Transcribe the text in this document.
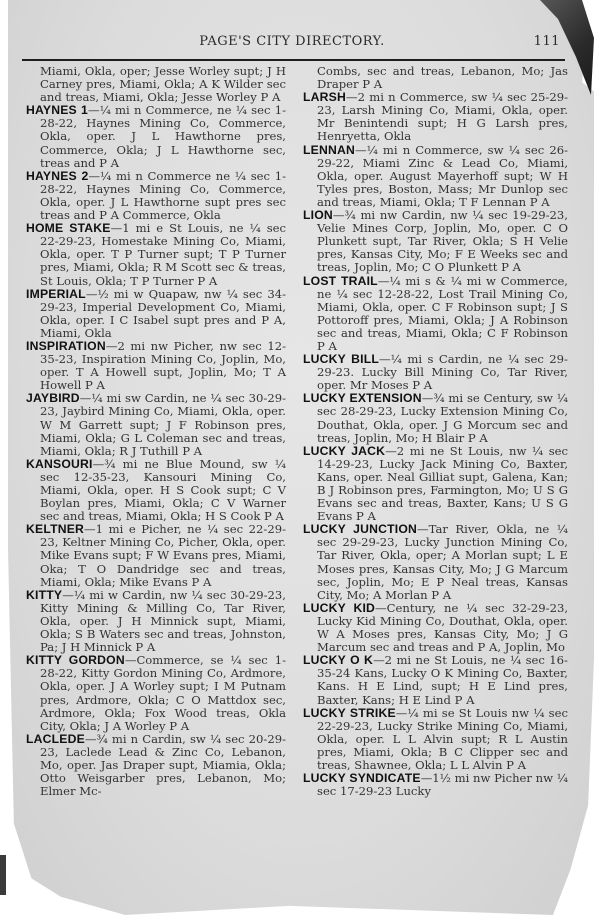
PAGE'S CITY DIRECTORY.	111

Miami, Okla, oper; Jesse Worley supt; J H Carney pres, Miami, Okla; A K Wilder sec and treas, Miami, Okla; Jesse Worley P A

HAYNES 1—¼ mi n Commerce, ne ¼ sec 1-28-22, Haynes Mining Co, Commerce, Okla, oper. J L Hawthorne pres, Commerce, Okla; J L Hawthorne sec, treas and P A

HAYNES 2—¼ mi n Commerce ne ¼ sec 1-28-22, Haynes Mining Co, Commerce, Okla, oper. J L Hawthorne supt pres sec treas and P A Commerce, Okla

HOME STAKE—1 mi e St Louis, ne ¼ sec 22-29-23, Homestake Mining Co, Miami, Okla, oper. T P Turner supt; T P Turner pres, Miami, Okla; R M Scott sec & treas, St Louis, Okla; T P Turner P A

IMPERIAL—½ mi w Quapaw, nw ¼ sec 34-29-23, Imperial Development Co, Miami, Okla, oper. I C Isabel supt pres and P A, Miami, Okla

INSPIRATION—2 mi nw Picher, nw sec 12-35-23, Inspiration Mining Co, Joplin, Mo, oper. T A Howell supt, Joplin, Mo; T A Howell P A

JAYBIRD—¼ mi sw Cardin, ne ¼ sec 30-29-23, Jaybird Mining Co, Miami, Okla, oper. W M Garrett supt; J F Robinson pres, Miami, Okla; G L Coleman sec and treas, Miami, Okla; R J Tuthill P A

KANSOURI—¾ mi ne Blue Mound, sw ¼ sec 12-35-23, Kansouri Mining Co, Miami, Okla, oper. H S Cook supt; C V Boylan pres, Miami, Okla; C V Warner sec and treas, Miami, Okla; H S Cook P A

KELTNER—1 mi e Picher, ne ¼ sec 22-29-23, Keltner Mining Co, Picher, Okla, oper. Mike Evans supt; F W Evans pres, Miami, Oka; T O Dandridge sec and treas, Miami, Okla; Mike Evans P A

KITTY—¼ mi w Cardin, nw ¼ sec 30-29-23, Kitty Mining & Milling Co, Tar River, Okla, oper. J H Minnick supt, Miami, Okla; S B Waters sec and treas, Johnston, Pa; J H Minnick P A

KITTY GORDON—Commerce, se ¼ sec 1-28-22, Kitty Gordon Mining Co, Ardmore, Okla, oper. J A Worley supt; I M Putnam pres, Ardmore, Okla; C O Mattdox sec, Ardmore, Okla; Fox Wood treas, Okla City, Okla; J A Worley P A

LACLEDE—¾ mi n Cardin, sw ¼ sec 20-29-23, Laclede Lead & Zinc Co, Lebanon, Mo, oper. Jas Draper supt, Miamia, Okla; Otto Weisgarber pres, Lebanon, Mo; Elmer Mc-

Combs, sec and treas, Lebanon, Mo; Jas Draper P A

LARSH—2 mi n Commerce, sw ¼ sec 25-29-23, Larsh Mining Co, Miami, Okla, oper. Mr Benintendi supt; H G Larsh pres, Henryetta, Okla

LENNAN—¼ mi n Commerce, sw ¼ sec 26-29-22, Miami Zinc & Lead Co, Miami, Okla, oper. August Mayerhoff supt; W H Tyles pres, Boston, Mass; Mr Dunlop sec and treas, Miami, Okla; T F Lennan P A

LION—¾ mi nw Cardin, nw ¼ sec 19-29-23, Velie Mines Corp, Joplin, Mo, oper. C O Plunkett supt, Tar River, Okla; S H Velie pres, Kansas City, Mo; F E Weeks sec and treas, Joplin, Mo; C O Plunkett P A

LOST TRAIL—¼ mi s & ¼ mi w Commerce, ne ¼ sec 12-28-22, Lost Trail Mining Co, Miami, Okla, oper. C F Robinson supt; J S Pottoroff pres, Miami, Okla; J A Robinson sec and treas, Miami, Okla; C F Robinson P A

LUCKY BILL—¼ mi s Cardin, ne ¼ sec 29-29-23. Lucky Bill Mining Co, Tar River, oper. Mr Moses P A

LUCKY EXTENSION—¾ mi se Century, sw ¼ sec 28-29-23, Lucky Extension Mining Co, Douthat, Okla, oper. J G Morcum sec and treas, Joplin, Mo; H Blair P A

LUCKY JACK—2 mi ne St Louis, nw ¼ sec 14-29-23, Lucky Jack Mining Co, Baxter, Kans, oper. Neal Gilliat supt, Galena, Kan; B J Robinson pres, Farmington, Mo; U S G Evans sec and treas, Baxter, Kans; U S G Evans P A

LUCKY JUNCTION—Tar River, Okla, ne ¼ sec 29-29-23, Lucky Junction Mining Co, Tar River, Okla, oper; A Morlan supt; L E Moses pres, Kansas City, Mo; J G Marcum sec, Joplin, Mo; E P Neal treas, Kansas City, Mo; A Morlan P A

LUCKY KID—Century, ne ¼ sec 32-29-23, Lucky Kid Mining Co, Douthat, Okla, oper. W A Moses pres, Kansas City, Mo; J G Marcum sec and treas and P A, Joplin, Mo

LUCKY O K—2 mi ne St Louis, ne ¼ sec 16-35-24 Kans, Lucky O K Mining Co, Baxter, Kans. H E Lind, supt; H E Lind pres, Baxter, Kans; H E Lind P A

LUCKY STRIKE—¼ mi se St Louis nw ¼ sec 22-29-23, Lucky Strike Mining Co, Miami, Okla, oper. L L Alvin supt; R L Austin pres, Miami, Okla; B C Clipper sec and treas, Shawnee, Okla; L L Alvin P A

LUCKY SYNDICATE—1½ mi nw Picher nw ¼ sec 17-29-23 Lucky
